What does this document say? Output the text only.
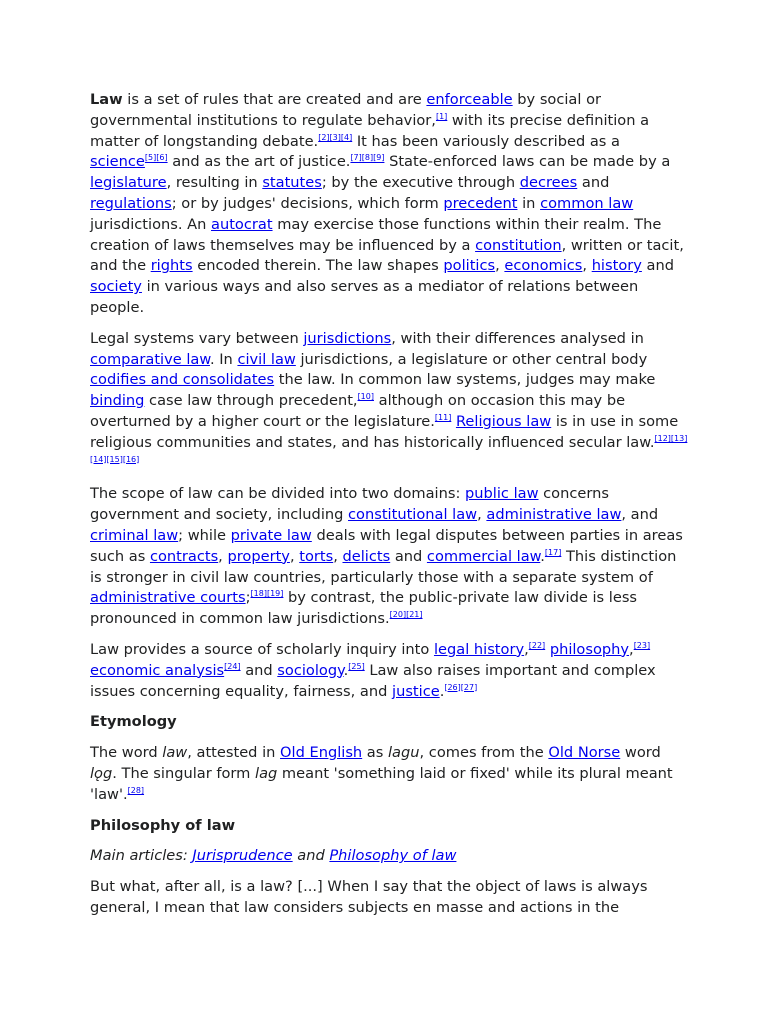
Law is a set of rules that are created and are enforceable by social or governmental institutions to regulate behavior,[1] with its precise definition a matter of longstanding debate.[2][3][4] It has been variously described as a science[5][6] and as the art of justice.[7][8][9] State-enforced laws can be made by a legislature, resulting in statutes; by the executive through decrees and regulations; or by judges' decisions, which form precedent in common law jurisdictions. An autocrat may exercise those functions within their realm. The creation of laws themselves may be influenced by a constitution, written or tacit, and the rights encoded therein. The law shapes politics, economics, history and society in various ways and also serves as a mediator of relations between people.

Legal systems vary between jurisdictions, with their differences analysed in comparative law. In civil law jurisdictions, a legislature or other central body codifies and consolidates the law. In common law systems, judges may make binding case law through precedent,[10] although on occasion this may be overturned by a higher court or the legislature.[11] Religious law is in use in some religious communities and states, and has historically influenced secular law.[12][13][14][15][16]

The scope of law can be divided into two domains: public law concerns government and society, including constitutional law, administrative law, and criminal law; while private law deals with legal disputes between parties in areas such as contracts, property, torts, delicts and commercial law.[17] This distinction is stronger in civil law countries, particularly those with a separate system of administrative courts;[18][19] by contrast, the public-private law divide is less pronounced in common law jurisdictions.[20][21]

Law provides a source of scholarly inquiry into legal history,[22] philosophy,[23] economic analysis[24] and sociology.[25] Law also raises important and complex issues concerning equality, fairness, and justice.[26][27]

Etymology

The word law, attested in Old English as lagu, comes from the Old Norse word lǫg. The singular form lag meant 'something laid or fixed' while its plural meant 'law'.[28]

Philosophy of law

Main articles: Jurisprudence and Philosophy of law

But what, after all, is a law? [...] When I say that the object of laws is always general, I mean that law considers subjects en masse and actions in the
